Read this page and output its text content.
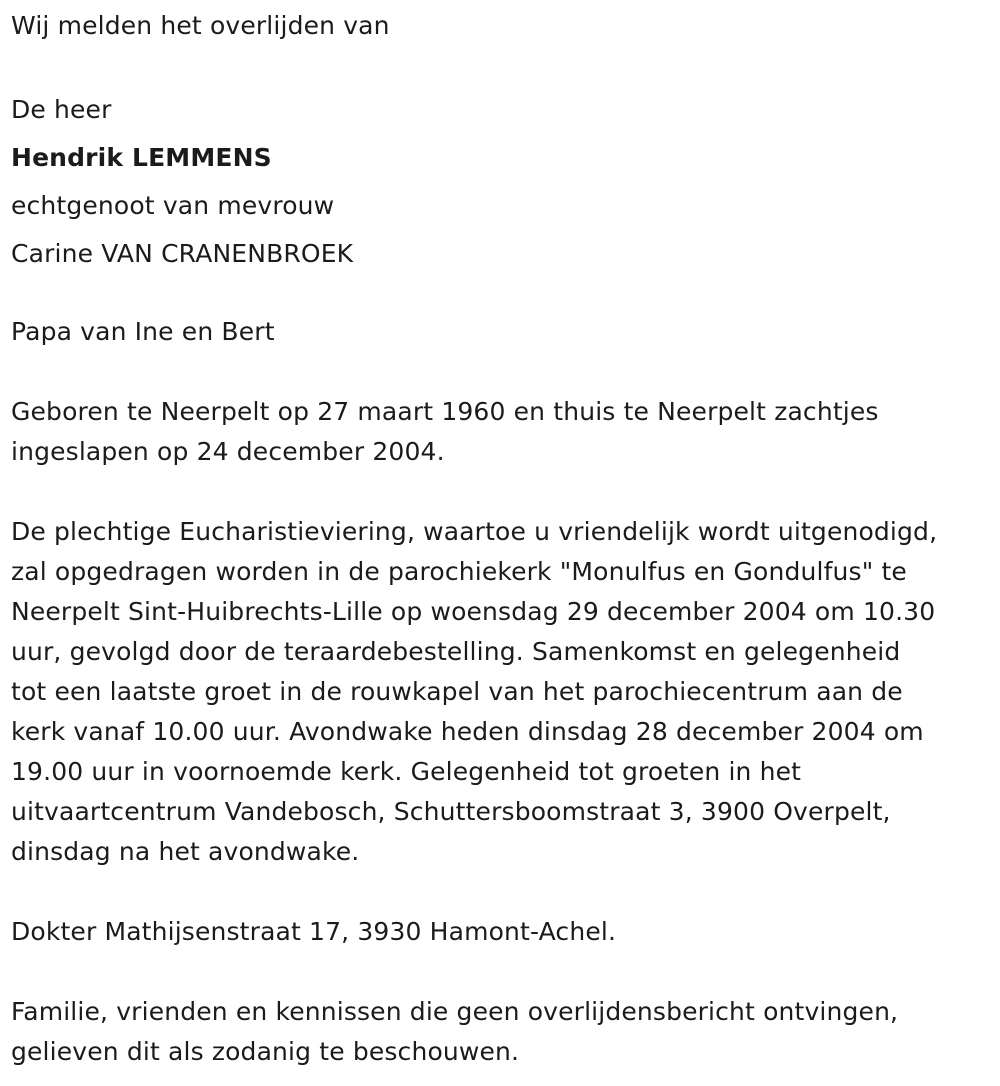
Wij melden het overlijden van
De heer
Hendrik LEMMENS
echtgenoot van mevrouw
Carine VAN CRANENBROEK
Papa van Ine en Bert
Geboren te Neerpelt op 27 maart 1960 en thuis te Neerpelt zachtjes
ingeslapen op 24 december 2004.
De plechtige Eucharistieviering, waartoe u vriendelijk wordt uitgenodigd,
zal opgedragen worden in de parochiekerk "Monulfus en Gondulfus" te
Neerpelt Sint-Huibrechts-Lille op woensdag 29 december 2004 om 10.30
uur, gevolgd door de teraardebestelling. Samenkomst en gelegenheid
tot een laatste groet in de rouwkapel van het parochiecentrum aan de
kerk vanaf 10.00 uur. Avondwake heden dinsdag 28 december 2004 om
19.00 uur in voornoemde kerk. Gelegenheid tot groeten in het
uitvaartcentrum Vandebosch, Schuttersboomstraat 3, 3900 Overpelt,
dinsdag na het avondwake.
Dokter Mathijsenstraat 17, 3930 Hamont-Achel.
Familie, vrienden en kennissen die geen overlijdensbericht ontvingen,
gelieven dit als zodanig te beschouwen.
